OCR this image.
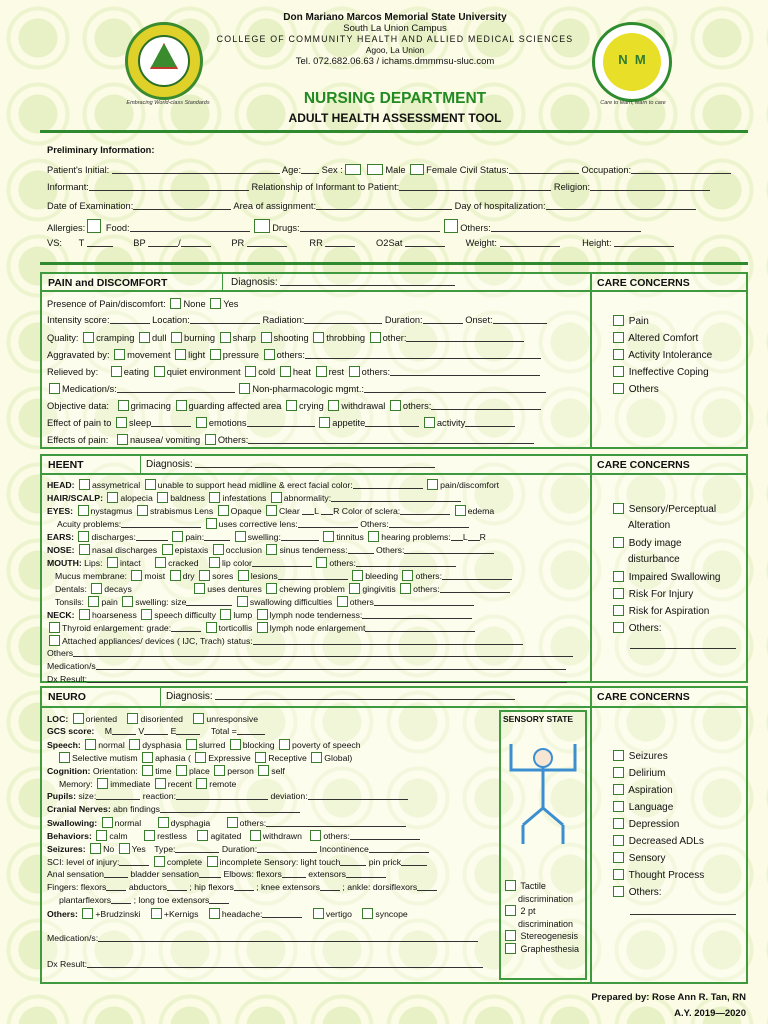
Embracing World-class Standards
Don Mariano Marcos Memorial State University
South La Union Campus
COLLEGE OF COMMUNITY HEALTH AND ALLIED MEDICAL SCIENCES
Agoo, La Union
Tel. 072.682.06.63 / ichams.dmmmsu-sluc.com	N  M
Care to learn, learn to care
NURSING DEPARTMENT
ADULT HEALTH ASSESSMENT TOOL
Preliminary Information:
Patient's Initial:	Age: Sex :	Male Female Civil Status:	Occupation:
Informant:	Relationship of Informant to Patient:	Religion:
Date of Examination:	Area of assignment:	Day of hospitalization:
Allergies: Food:	Drugs:	Others:
VS: T	BP	/	PR	RR	O2Sat	Weight:	Height:
PAIN and DISCOMFORT	Diagnosis:	CARE CONCERNS
Presence of Pain/discomfort: None Yes
Intensity score:	Location:	Radiation:	Duration:	Onset:
Quality: cramping dull burning sharp shooting throbbing other:
Aggravated by: movement light pressure others:
Relieved by:	eating quiet environment cold heat rest others:
Medication/s:	Non-pharmacologic mgmt.:
Objective data: grimacing guarding affected area crying withdrawal others:
Effect of pain to sleep	emotions	appetite	activity
Effects of pain: nausea/ vomiting Others:
Pain
Altered Comfort
Activity Intolerance
Ineffective Coping
Others
HEENT	Diagnosis:	CARE CONCERNS
HEAD: assymetrical unable to support head midline & erect facial color:	pain/discomfort
HAIR/SCALP: alopecia baldness infestations abnormality:
EYES: nystagmus strabismus Lens Opaque Clear L R Color of sclera:	edema
Acuity problems:	uses corrective lens:	Others:
EARS: discharges:	pain:	swelling:	tinnitus hearing problems: L R
NOSE: nasal discharges epistaxis occlusion sinus tenderness:	Others:
MOUTH: Lips: intact	cracked	lip color	others:
Mucus membrane: moist dry sores lesions	bleeding others:
Dentals: decays	uses dentures chewing problem gingivitis others:
Tonsils: pain swelling: size	swallowing difficulties others
NECK: hoarseness speech difficulty lump lymph node tenderness:
Thyroid enlargement: grade:	torticollis lymph node enlargement
Attached appliances/ devices ( IJC, Trach) status:
Others
Medication/s
Dx Result:
Sensory/Perceptual
Alteration
Body image
disturbance
Impaired Swallowing
Risk For Injury
Risk for Aspiration
Others:
NEURO	Diagnosis:	CARE CONCERNS
SENSORY STATE
Tactile
discrimination
2 pt
discrimination
Stereogenesis
Graphesthesia
LOC: oriented	disoriented	unresponsive
GCS score: M	V	E	Total =
Speech: normal dysphasia slurred blocking poverty of speech
Selective mutism aphasia ( Expressive Receptive Global)
Cognition: Orientation: time place person self
Memory: immediate recent remote
Pupils: size:	reaction:	deviation:
Cranial Nerves: abn findings
Swallowing: normal	dysphagia	others:
Behaviors: calm	restless	agitated withdrawn others:
Seizures: No Yes Type:	Duration:	Incontinence
SCI: level of injury:	complete incomplete Sensory: light touch	pin prick
Anal sensation	bladder sensation	Elbows: flexors	extensors
Fingers: flexors	abductors	; hip flexors	; knee extensors	; ankle: dorsiflexors
plantarflexors	; long toe extensors
Others: +Brudzinski	+Kernigs	headache:	vertigo	syncope
Medication/s:
Dx Result:
Seizures
Delirium
Aspiration
Language
Depression
Decreased ADLs
Sensory
Thought Process
Others:
Prepared by: Rose Ann R. Tan, RN
A.Y. 2019—2020
